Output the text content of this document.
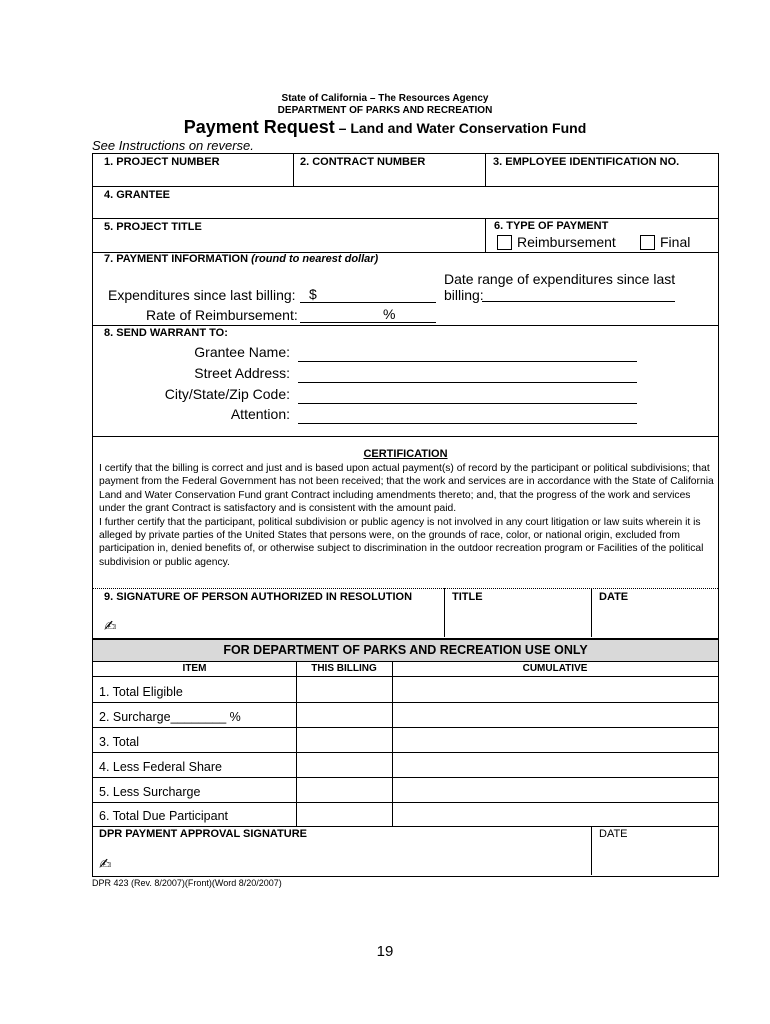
State of California – The Resources Agency
DEPARTMENT OF PARKS AND RECREATION
Payment Request – Land and Water Conservation Fund
See Instructions on reverse.
1. PROJECT NUMBER	2. CONTRACT NUMBER	3. EMPLOYEE IDENTIFICATION NO.
4. GRANTEE
5. PROJECT TITLE	6. TYPE OF PAYMENT
Reimbursement	Final
7. PAYMENT INFORMATION (round to nearest dollar)
Expenditures since last billing: $
Rate of Reimbursement:	%
Date range of expenditures since last
billing:
8. SEND WARRANT TO:
Grantee Name:
Street Address:
City/State/Zip Code:
Attention:
CERTIFICATION
I certify that the billing is correct and just and is based upon actual payment(s) of record by the participant or political subdivisions; that payment from the Federal Government has not been received; that the work and services are in accordance with the State of California Land and Water Conservation Fund grant Contract including amendments thereto; and, that the progress of the work and services under the grant Contract is satisfactory and is consistent with the amount paid.
I further certify that the participant, political subdivision or public agency is not involved in any court litigation or law suits wherein it is alleged by private parties of the United States that persons were, on the grounds of race, color, or national origin, excluded from participation in, denied benefits of, or otherwise subject to discrimination in the outdoor recreation program or Facilities of the political subdivision or public agency.
9. SIGNATURE OF PERSON AUTHORIZED IN RESOLUTION	TITLE	DATE
✍
FOR DEPARTMENT OF PARKS AND RECREATION USE ONLY
ITEM	THIS BILLING	CUMULATIVE
1. Total Eligible
2. Surcharge________ %
3. Total
4. Less Federal Share
5. Less Surcharge
6. Total Due Participant
DPR PAYMENT APPROVAL SIGNATURE	DATE
✍
DPR 423 (Rev. 8/2007)(Front)(Word 8/20/2007)
19
